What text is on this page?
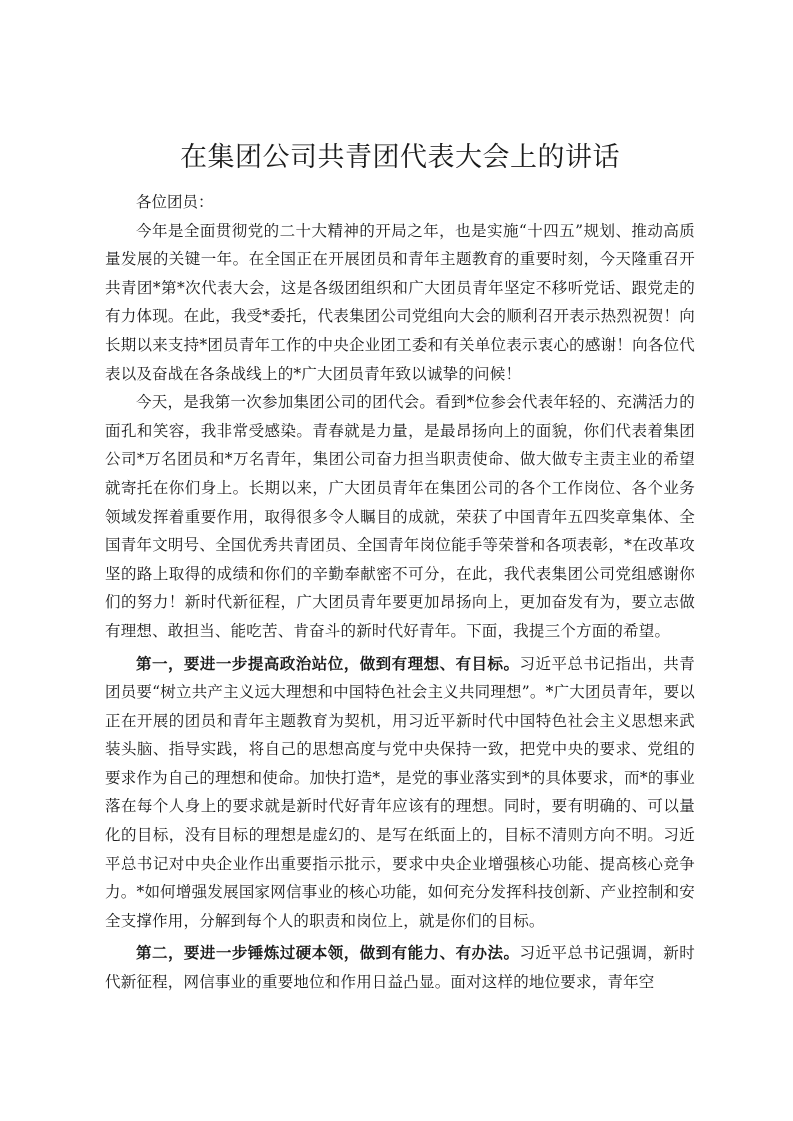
在集团公司共青团代表大会上的讲话

各位团员：

今年是全面贯彻党的二十大精神的开局之年，也是实施“十四五”规划、推动高质量发展的关键一年。在全国正在开展团员和青年主题教育的重要时刻，今天隆重召开共青团*第*次代表大会，这是各级团组织和广大团员青年坚定不移听党话、跟党走的有力体现。在此，我受*委托，代表集团公司党组向大会的顺利召开表示热烈祝贺！向长期以来支持*团员青年工作的中央企业团工委和有关单位表示衷心的感谢！向各位代表以及奋战在各条战线上的*广大团员青年致以诚挚的问候！

今天，是我第一次参加集团公司的团代会。看到*位参会代表年轻的、充满活力的面孔和笑容，我非常受感染。青春就是力量，是最昂扬向上的面貌，你们代表着集团公司*万名团员和*万名青年，集团公司奋力担当职责使命、做大做专主责主业的希望就寄托在你们身上。长期以来，广大团员青年在集团公司的各个工作岗位、各个业务领域发挥着重要作用，取得很多令人瞩目的成就，荣获了中国青年五四奖章集体、全国青年文明号、全国优秀共青团员、全国青年岗位能手等荣誉和各项表彰，*在改革攻坚的路上取得的成绩和你们的辛勤奉献密不可分，在此，我代表集团公司党组感谢你们的努力！新时代新征程，广大团员青年要更加昂扬向上，更加奋发有为，要立志做有理想、敢担当、能吃苦、肯奋斗的新时代好青年。下面，我提三个方面的希望。

第一，要进一步提高政治站位，做到有理想、有目标。习近平总书记指出，共青团员要“树立共产主义远大理想和中国特色社会主义共同理想”。*广大团员青年，要以正在开展的团员和青年主题教育为契机，用习近平新时代中国特色社会主义思想来武装头脑、指导实践，将自己的思想高度与党中央保持一致，把党中央的要求、党组的要求作为自己的理想和使命。加快打造*，是党的事业落实到*的具体要求，而*的事业落在每个人身上的要求就是新时代好青年应该有的理想。同时，要有明确的、可以量化的目标，没有目标的理想是虚幻的、是写在纸面上的，目标不清则方向不明。习近平总书记对中央企业作出重要指示批示，要求中央企业增强核心功能、提高核心竞争力。*如何增强发展国家网信事业的核心功能，如何充分发挥科技创新、产业控制和安全支撑作用，分解到每个人的职责和岗位上，就是你们的目标。

第二，要进一步锤炼过硬本领，做到有能力、有办法。习近平总书记强调，新时代新征程，网信事业的重要地位和作用日益凸显。面对这样的地位要求，青年空
